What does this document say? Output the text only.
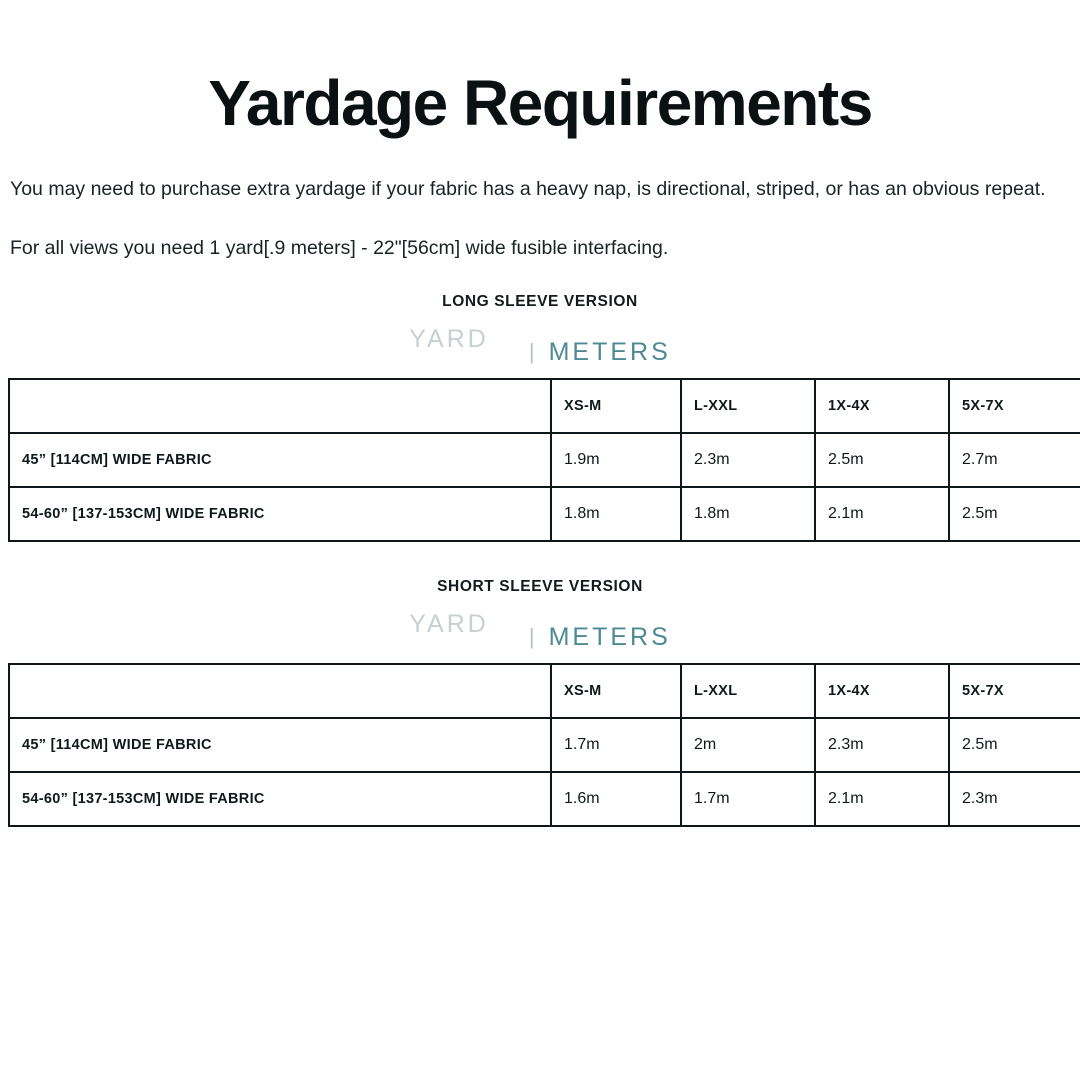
Yardage Requirements

You may need to purchase extra yardage if your fabric has a heavy nap, is directional, striped, or has an obvious repeat.

For all views you need 1 yard[.9 meters] - 22"[56cm] wide fusible interfacing.

LONG SLEEVE VERSION
YARD	| METERS
	XS-M	L-XXL	1X-4X	5X-7X
45” [114CM] WIDE FABRIC	1.9m	2.3m	2.5m	2.7m
54-60” [137-153CM] WIDE FABRIC	1.8m	1.8m	2.1m	2.5m
SHORT SLEEVE VERSION
YARD	| METERS
	XS-M	L-XXL	1X-4X	5X-7X
45” [114CM] WIDE FABRIC	1.7m	2m	2.3m	2.5m
54-60” [137-153CM] WIDE FABRIC	1.6m	1.7m	2.1m	2.3m
